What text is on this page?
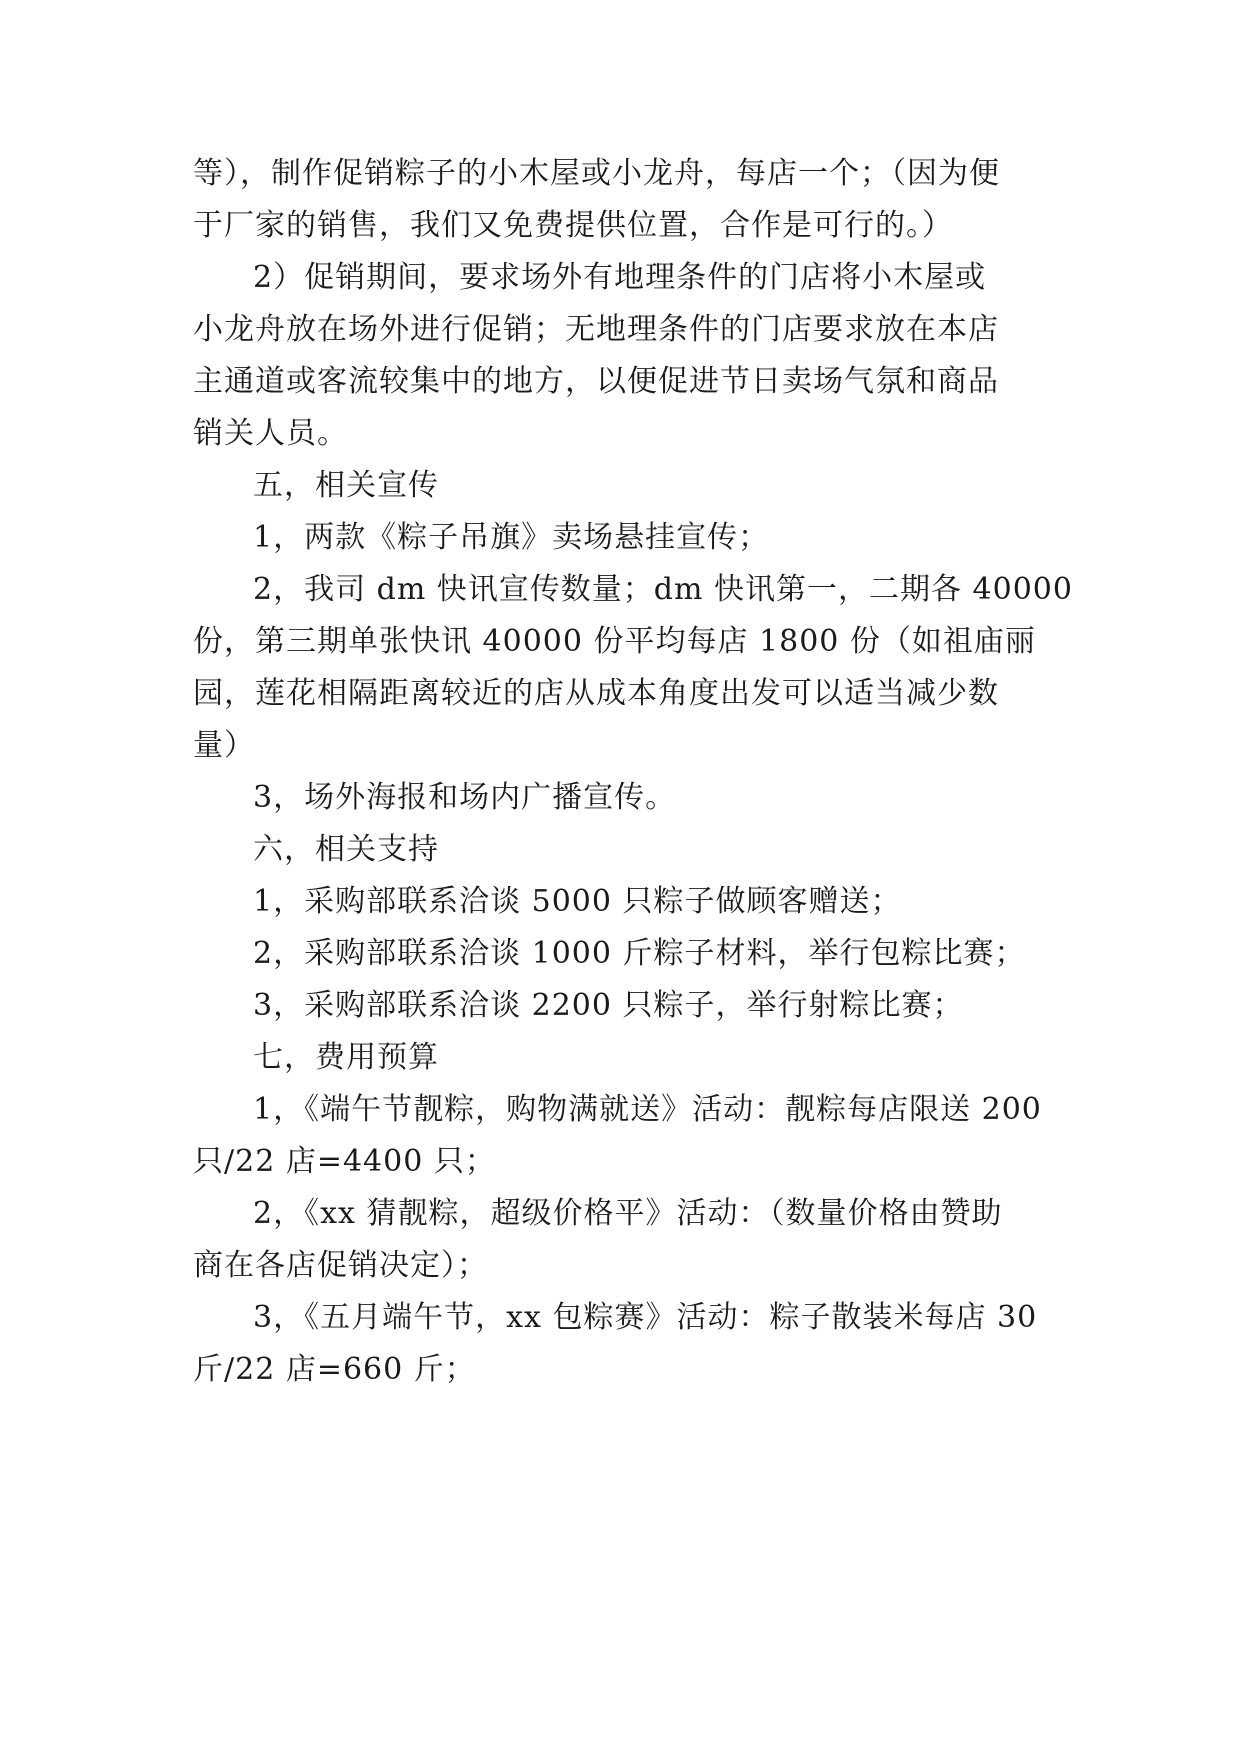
等），制作促销粽子的小木屋或小龙舟，每店一个；（因为便
于厂家的销售，我们又免费提供位置，合作是可行的。）
2）促销期间，要求场外有地理条件的门店将小木屋或
小龙舟放在场外进行促销；无地理条件的门店要求放在本店
主通道或客流较集中的地方，以便促进节日卖场气氛和商品
销关人员。
五，相关宣传
1，两款《粽子吊旗》卖场悬挂宣传；
2，我司 dm 快讯宣传数量；dm 快讯第一，二期各 40000
份，第三期单张快讯 40000 份平均每店 1800 份（如祖庙丽
园，莲花相隔距离较近的店从成本角度出发可以适当减少数
量）
3，场外海报和场内广播宣传。
六，相关支持
1，采购部联系洽谈 5000 只粽子做顾客赠送；
2，采购部联系洽谈 1000 斤粽子材料，举行包粽比赛；
3，采购部联系洽谈 2200 只粽子，举行射粽比赛；
七，费用预算
1，《端午节靓粽，购物满就送》活动：靓粽每店限送 200
只/22 店=4400 只；
2，《xx 猜靓粽，超级价格平》活动：（数量价格由赞助
商在各店促销决定）；
3，《五月端午节，xx 包粽赛》活动：粽子散装米每店 30
斤/22 店=660 斤；
